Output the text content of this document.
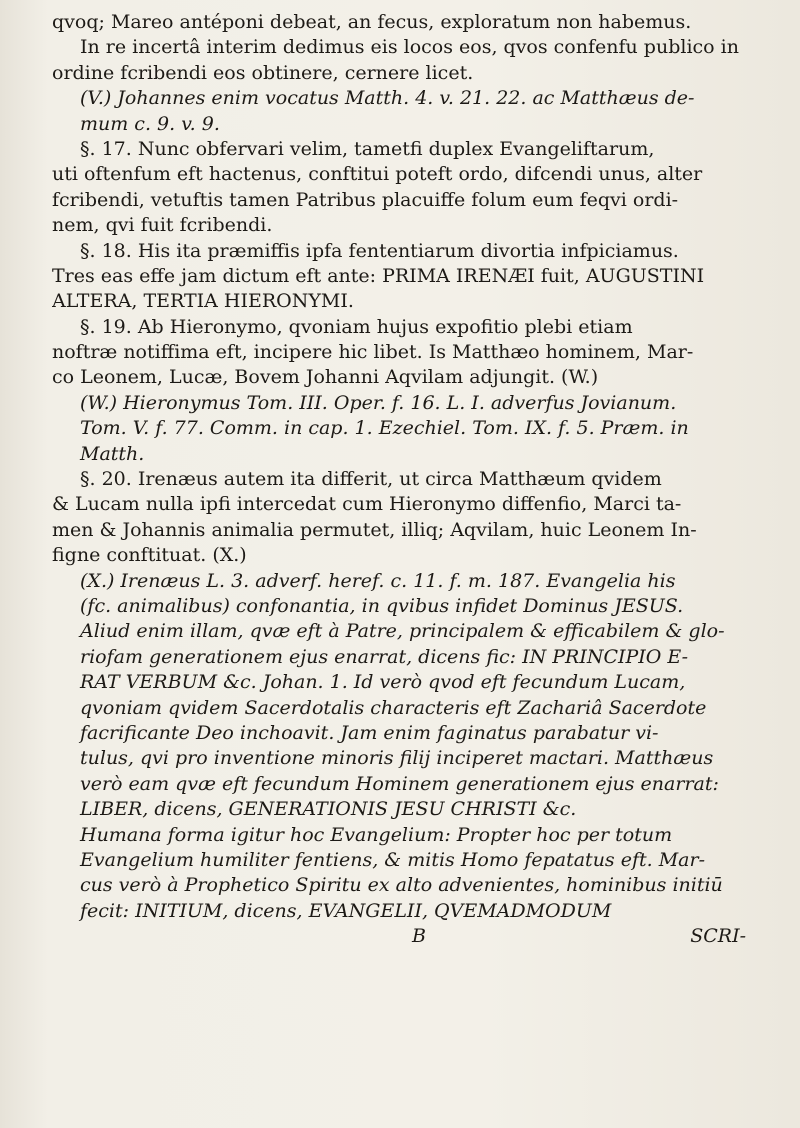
qvoq; Mareo antéponi debeat, an fecus, exploratum non habemus.
In re incertâ interim dedimus eis locos eos, qvos confenfu publico in
ordine fcribendi eos obtinere, cernere licet.
(V.) Johannes enim vocatus Matth. 4. v. 21. 22. ac Matthæus de-
mum c. 9. v. 9.
§. 17. Nunc obfervari velim, tametfi duplex Evangeliftarum,
uti oftenfum eft hactenus, conftitui poteft ordo, difcendi unus, alter
fcribendi, vetuftis tamen Patribus placuiffe folum eum feqvi ordi-
nem, qvi fuit fcribendi.
§. 18. His ita præmiffis ipfa fententiarum divortia infpiciamus.
Tres eas effe jam dictum eft ante: PRIMA IRENÆI fuit, AUGUSTINI
ALTERA, TERTIA HIERONYMI.
§. 19. Ab Hieronymo, qvoniam hujus expofitio plebi etiam
noftræ notiffima eft, incipere hic libet. Is Matthæo hominem, Mar-
co Leonem, Lucæ, Bovem Johanni Aqvilam adjungit. (W.)
(W.) Hieronymus Tom. III. Oper. f. 16. L. I. adverfus Jovianum.
Tom. V. f. 77. Comm. in cap. 1. Ezechiel. Tom. IX. f. 5. Præm. in
Matth.
§. 20. Irenæus autem ita differit, ut circa Matthæum qvidem
& Lucam nulla ipfi intercedat cum Hieronymo diffenfio, Marci ta-
men & Johannis animalia permutet, illiq; Aqvilam, huic Leonem In-
figne conftituat. (X.)
(X.) Irenæus L. 3. adverf. heref. c. 11. f. m. 187. Evangelia his
(fc. animalibus) confonantia, in qvibus infidet Dominus JESUS.
Aliud enim illam, qvæ eft à Patre, principalem & efficabilem & glo-
riofam generationem ejus enarrat, dicens fic: IN PRINCIPIO E-
RAT VERBUM &c. Johan. 1. Id verò qvod eft fecundum Lucam,
qvoniam qvidem Sacerdotalis characteris eft Zachariâ Sacerdote
facrificante Deo inchoavit. Jam enim faginatus parabatur vi-
tulus, qvi pro inventione minoris filij inciperet mactari. Matthæus
verò eam qvæ eft fecundum Hominem generationem ejus enarrat:
LIBER, dicens, GENERATIONIS JESU CHRISTI &c.
Humana forma igitur hoc Evangelium: Propter hoc per totum
Evangelium humiliter fentiens, & mitis Homo fepatatus eft. Mar-
cus verò à Prophetico Spiritu ex alto advenientes, hominibus initiū
fecit: INITIUM, dicens, EVANGELII, QVEMADMODUM
B	SCRI-
